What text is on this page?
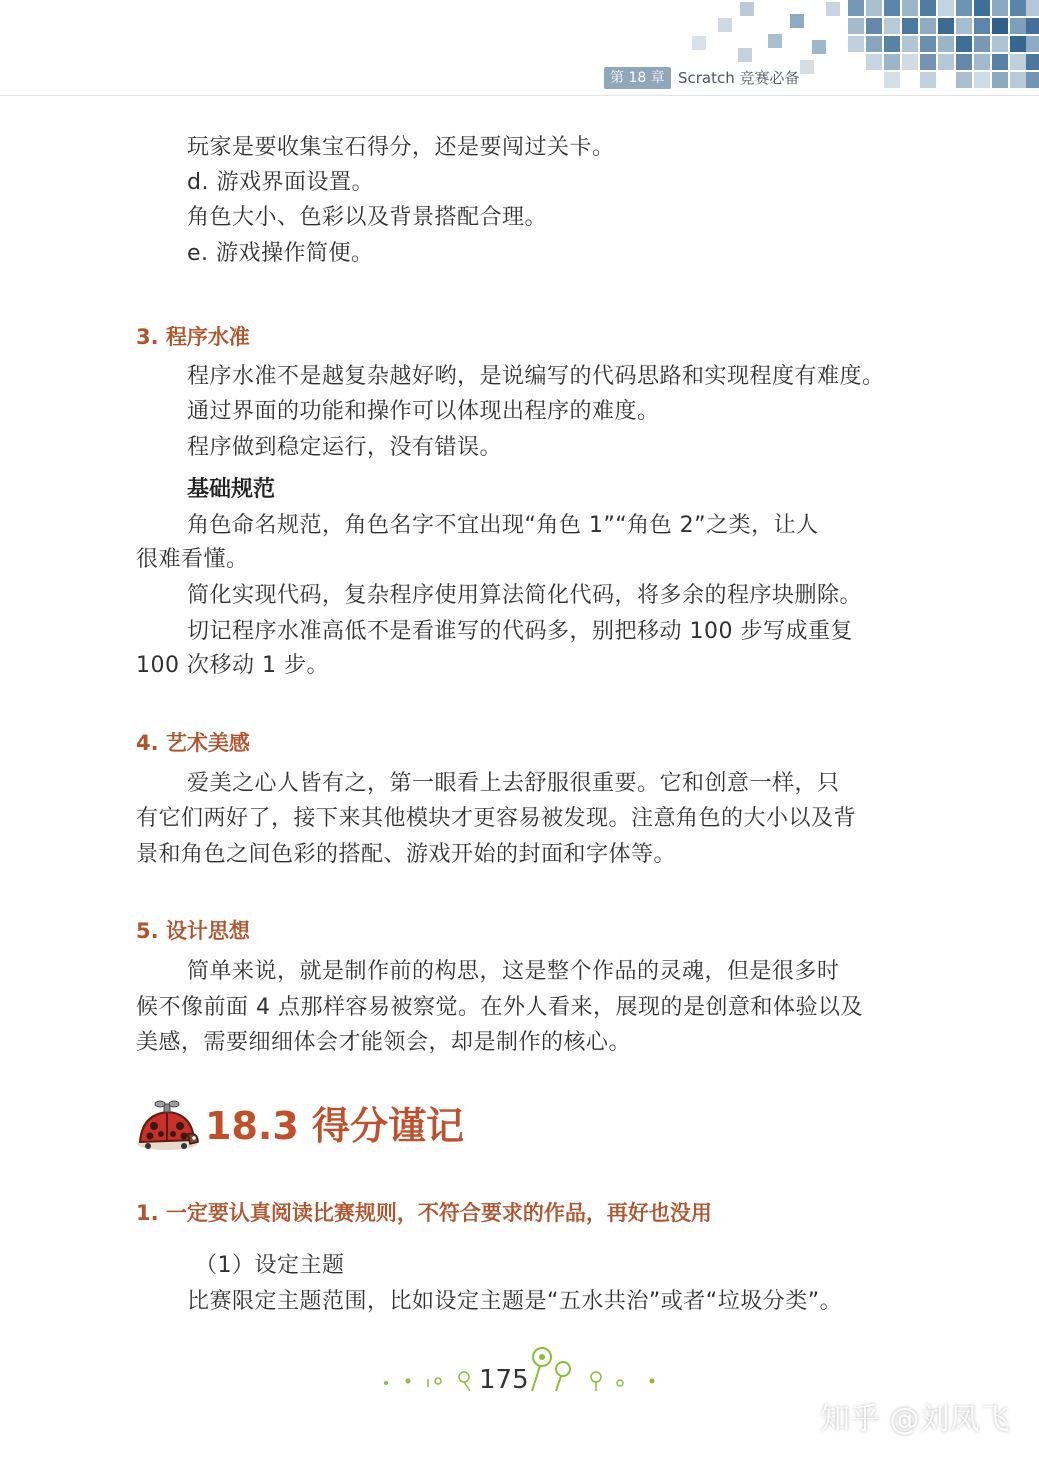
第 18 章 Scratch 竞赛必备
玩家是要收集宝石得分，还是要闯过关卡。
d. 游戏界面设置。
角色大小、色彩以及背景搭配合理。
e. 游戏操作简便。
3. 程序水准
程序水准不是越复杂越好哟，是说编写的代码思路和实现程度有难度。
通过界面的功能和操作可以体现出程序的难度。
程序做到稳定运行，没有错误。
基础规范
角色命名规范，角色名字不宜出现“角色 1”“角色 2”之类，让人
很难看懂。
简化实现代码，复杂程序使用算法简化代码，将多余的程序块删除。
切记程序水准高低不是看谁写的代码多，别把移动 100 步写成重复
100 次移动 1 步。
4. 艺术美感
爱美之心人皆有之，第一眼看上去舒服很重要。它和创意一样，只
有它们两好了，接下来其他模块才更容易被发现。注意角色的大小以及背
景和角色之间色彩的搭配、游戏开始的封面和字体等。
5. 设计思想
简单来说，就是制作前的构思，这是整个作品的灵魂，但是很多时
候不像前面 4 点那样容易被察觉。在外人看来，展现的是创意和体验以及
美感，需要细细体会才能领会，却是制作的核心。
18.3 得分谨记
1. 一定要认真阅读比赛规则，不符合要求的作品，再好也没用
（1）设定主题
比赛限定主题范围，比如设定主题是“五水共治”或者“垃圾分类”。
175
知乎 @刘凤飞
